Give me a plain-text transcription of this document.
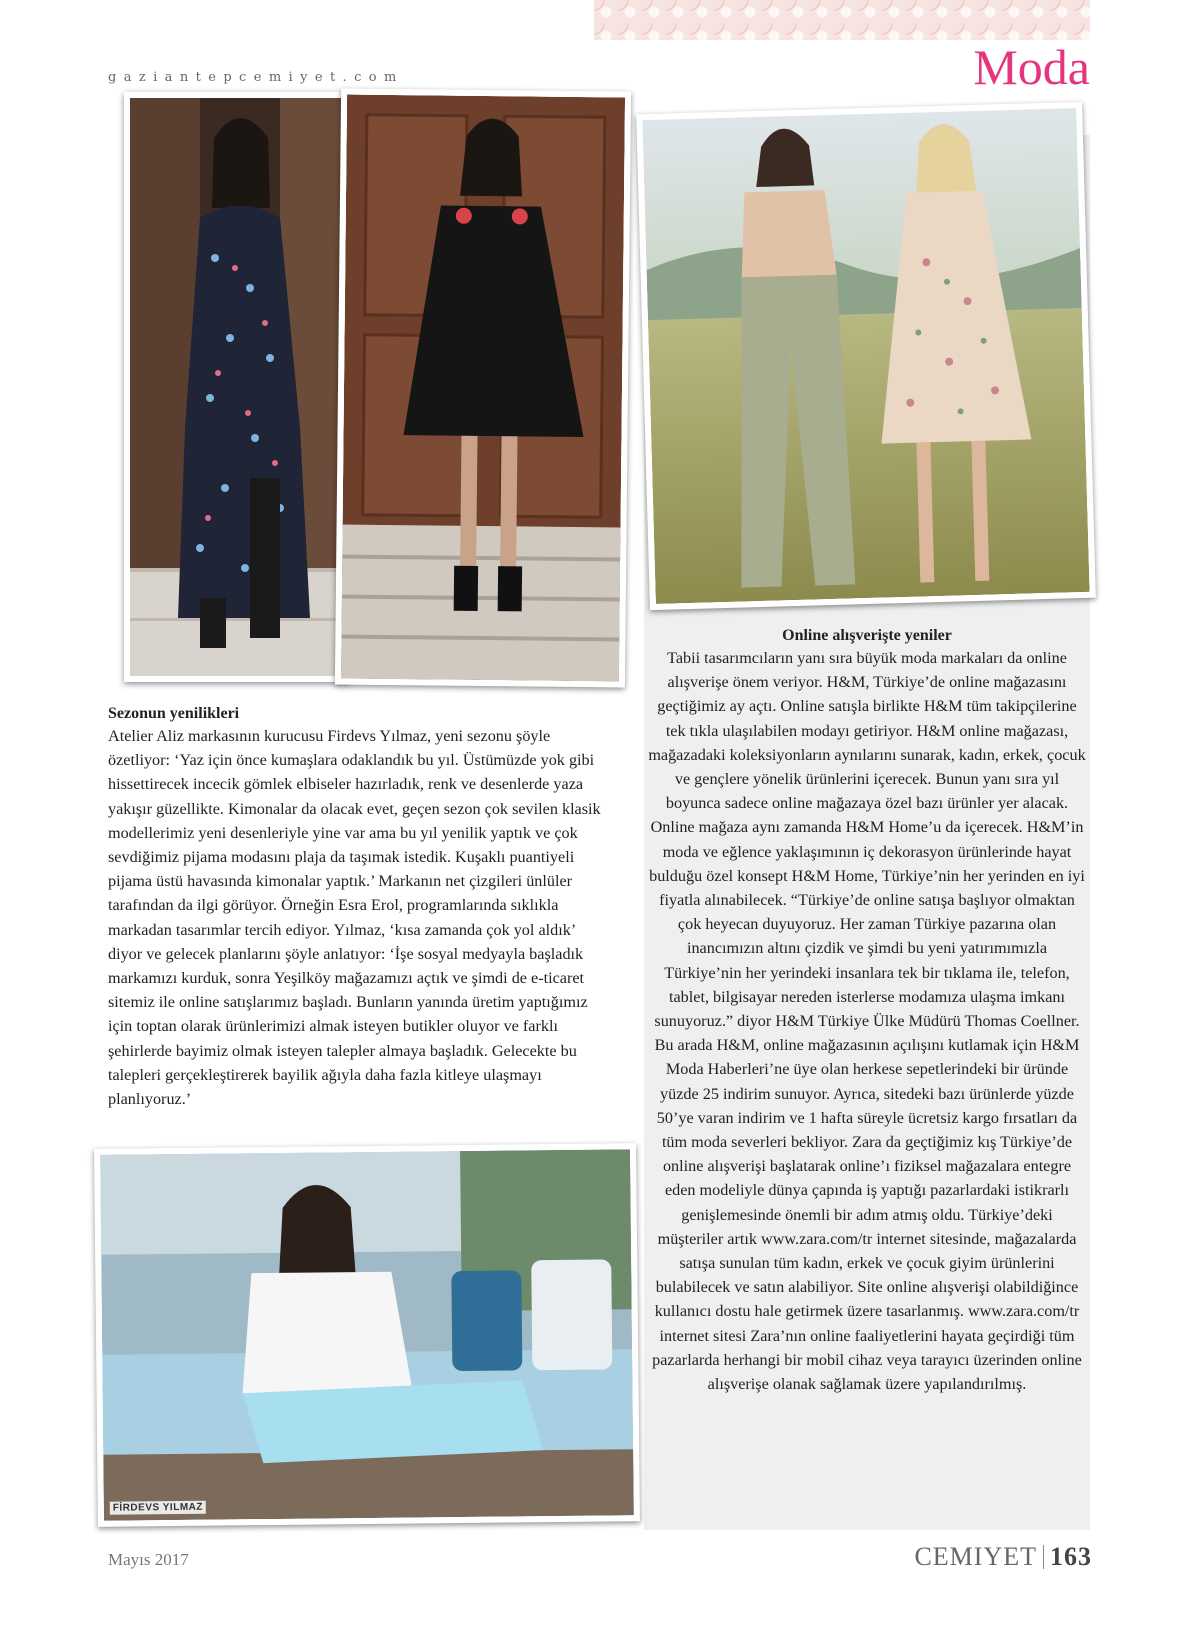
gaziantepcemiyet.com	Moda
FİRDEVS YILMAZ
Sezonun yenilikleri
Atelier Aliz markasının kurucusu Firdevs Yılmaz, yeni sezonu şöyle özetliyor: ‘Yaz için önce kumaşlara odaklandık bu yıl. Üstümüzde yok gibi hissettirecek incecik gömlek elbiseler hazırladık, renk ve desenlerde yaza yakışır güzellikte. Kimonalar da olacak evet, geçen sezon çok sevilen klasik modellerimiz yeni desenleriyle yine var ama bu yıl yenilik yaptık ve çok sevdiğimiz pijama modasını plaja da taşımak istedik. Kuşaklı puantiyeli pijama üstü havasında kimonalar yaptık.’ Markanın net çizgileri ünlüler tarafından da ilgi görüyor. Örneğin Esra Erol, programlarında sıklıkla markadan tasarımlar tercih ediyor. Yılmaz, ‘kısa zamanda çok yol aldık’ diyor ve gelecek planlarını şöyle anlatıyor: ‘İşe sosyal medyayla başladık markamızı kurduk, sonra Yeşilköy mağazamızı açtık ve şimdi de e-ticaret sitemiz ile online satışlarımız başladı. Bunların yanında üretim yaptığımız için toptan olarak ürünlerimizi almak isteyen butikler oluyor ve farklı şehirlerde bayimiz olmak isteyen talepler almaya başladık. Gelecekte bu talepleri gerçekleştirerek bayilik ağıyla daha fazla kitleye ulaşmayı planlıyoruz.’
Online alışverişte yeniler
Tabii tasarımcıların yanı sıra büyük moda markaları da online alışverişe önem veriyor. H&M, Türkiye’de online mağazasını geçtiğimiz ay açtı. Online satışla birlikte H&M tüm takipçilerine tek tıkla ulaşılabilen modayı getiriyor. H&M online mağazası, mağazadaki koleksiyonların aynılarını sunarak, kadın, erkek, çocuk ve gençlere yönelik ürünlerini içerecek. Bunun yanı sıra yıl boyunca sadece online mağazaya özel bazı ürünler yer alacak. Online mağaza aynı zamanda H&M Home’u da içerecek. H&M’in moda ve eğlence yaklaşımının iç dekorasyon ürünlerinde hayat bulduğu özel konsept H&M Home, Türkiye’nin her yerinden en iyi fiyatla alınabilecek. “Türkiye’de online satışa başlıyor olmaktan çok heyecan duyuyoruz. Her zaman Türkiye pazarına olan inancımızın altını çizdik ve şimdi bu yeni yatırımımızla Türkiye’nin her yerindeki insanlara tek bir tıklama ile, telefon, tablet, bilgisayar nereden isterlerse modamıza ulaşma imkanı sunuyoruz.” diyor H&M Türkiye Ülke Müdürü Thomas Coellner. Bu arada H&M, online mağazasının açılışını kutlamak için H&M Moda Haberleri’ne üye olan herkese sepetlerindeki bir üründe yüzde 25 indirim sunuyor. Ayrıca, sitedeki bazı ürünlerde yüzde 50’ye varan indirim ve 1 hafta süreyle ücretsiz kargo fırsatları da tüm moda severleri bekliyor. Zara da geçtiğimiz kış Türkiye’de online alışverişi başlatarak online’ı fiziksel mağazalara entegre eden modeliyle dünya çapında iş yaptığı pazarlardaki istikrarlı genişlemesinde önemli bir adım atmış oldu. Türkiye’deki müşteriler artık www.zara.com/tr internet sitesinde, mağazalarda satışa sunulan tüm kadın, erkek ve çocuk giyim ürünlerini bulabilecek ve satın alabiliyor. Site online alışverişi olabildiğince kullanıcı dostu hale getirmek üzere tasarlanmış. www.zara.com/tr internet sitesi Zara’nın online faaliyetlerini hayata geçirdiği tüm pazarlarda herhangi bir mobil cihaz veya tarayıcı üzerinden online alışverişe olanak sağlamak üzere yapılandırılmış.
Mayıs 2017	CEMIYET 163
